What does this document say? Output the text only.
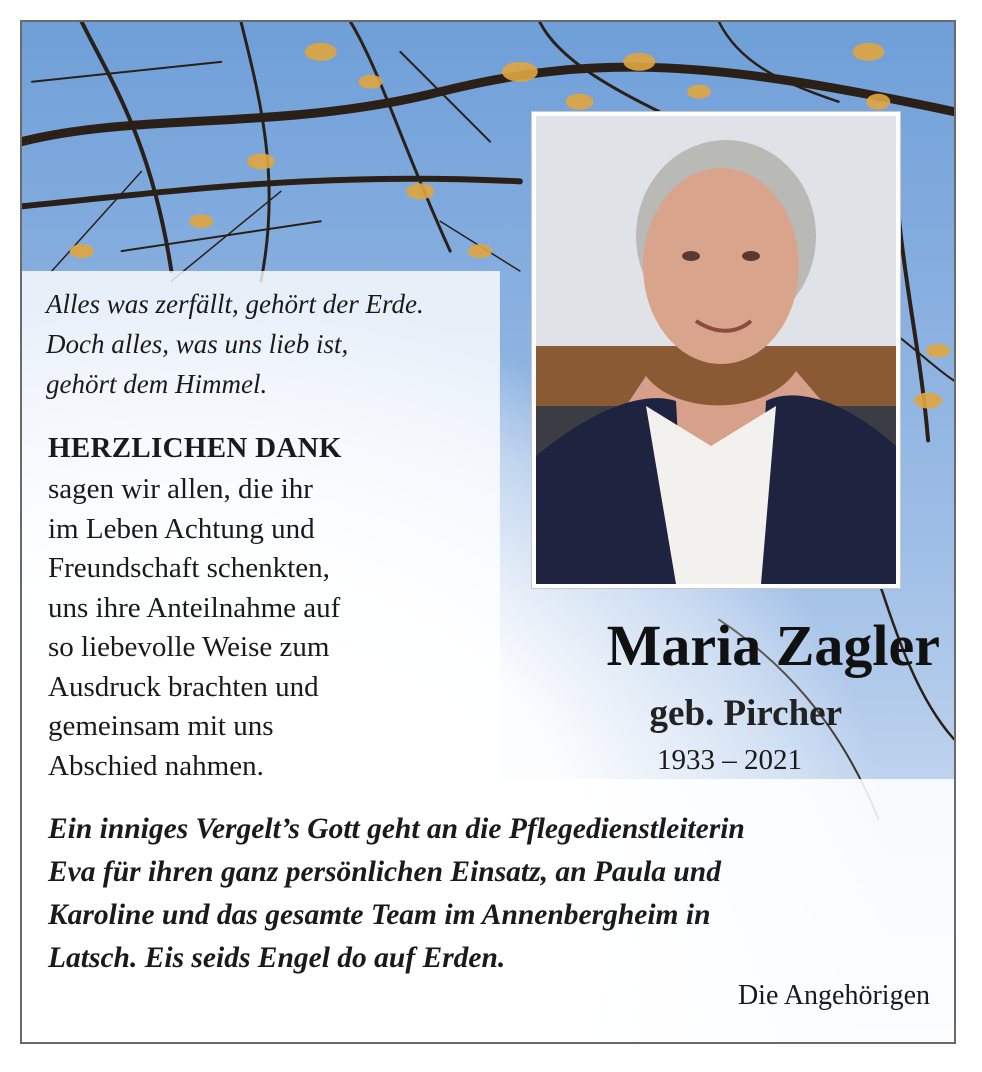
Alles was zerfällt, gehört der Erde.
Doch alles, was uns lieb ist,
gehört dem Himmel.
HERZLICHEN DANK
sagen wir allen, die ihr
im Leben Achtung und
Freundschaft schenkten,
uns ihre Anteilnahme auf
so liebevolle Weise zum
Ausdruck brachten und
gemeinsam mit uns
Abschied nahmen.
Maria Zagler
geb. Pircher
1933 – 2021
Ein inniges Vergelt’s Gott geht an die Pflegedienstleiterin
Eva für ihren ganz persönlichen Einsatz, an Paula und
Karoline und das gesamte Team im Annenbergheim in
Latsch. Eis seids Engel do auf Erden.
Die Angehörigen
